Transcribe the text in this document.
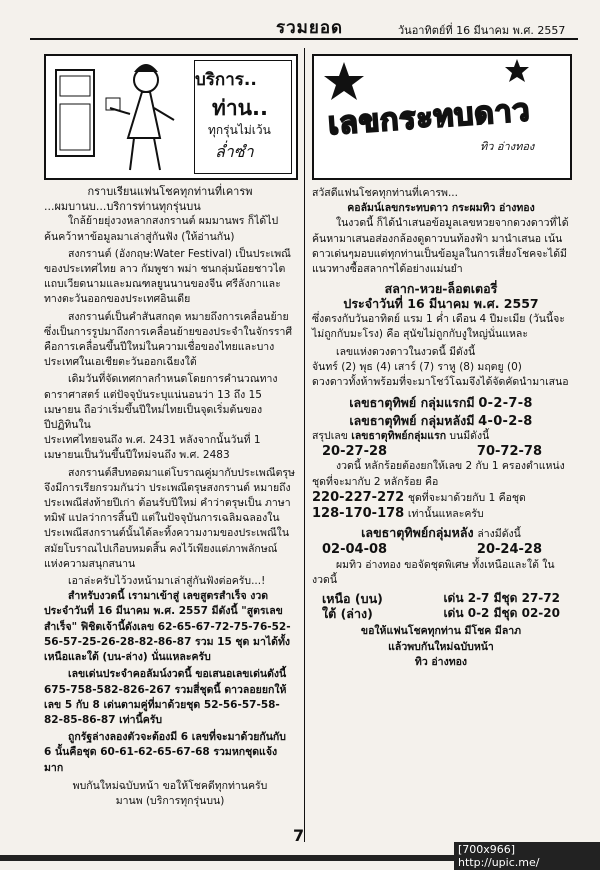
รวมยอด	วันอาทิตย์ที่ 16 มีนาคม พ.ศ. 2557
บริการ..
ท่าน..
ทุกรุ่นไม่เว้น
ล่ำซำ
เลขกระทบดาว
ทิว อ่างทอง

กราบเรียนแฟนโชคทุกท่านที่เคารพ

...ผมบานบ...บริการท่านทุกรุ่นบน

ใกล้ย้ายยุ่งวงหลากสงกรานต์ ผมมานพร ก็ได้ไปค้นคว้าหาข้อมูลมาเล่าสู่กันฟัง (ให้อ่านกัน)

สงกรานต์ (อังกฤษ:Water Festival) เป็นประเพณีของประเทศไทย ลาว กัมพูชา พม่า ชนกลุ่มน้อยชาวไตแถบเวียดนามและมณฑลยูนนานของจีน ศรีลังกาและทางตะวันออกของประเทศอินเดีย

สงกรานต์เป็นคำสันสกฤต หมายถึงการเคลื่อนย้ายซึ่งเป็นการรูปมาถึงการเคลื่อนย้ายของประจำในจักรราศีคือการเคลื่อนขึ้นปีใหม่ในความเชื่อของไทยและบางประเทศในเอเชียตะวันออกเฉียงใต้

เดิมวันที่จัดเทศกาลกำหนดโดยการคำนวณทางดาราศาสตร์ แต่ปัจจุบันระบุแน่นอนว่า 13 ถึง 15 เมษายน ถือว่าเริ่มขึ้นปีใหม่ไทยเป็นจุดเริ่มต้นของปีปฏิทินใน

ประเทศไทยจนถึง พ.ศ. 2431 หลังจากนั้นวันที่ 1 เมษายนเป็นวันขึ้นปีใหม่จนถึง พ.ศ. 2483

สงกรานต์สืบทอดมาแต่โบราณคู่มากับประเพณีตรุษ จึงมีการเรียกรวมกันว่า ประเพณีตรุษสงกรานต์ หมายถึงประเพณีส่งท้ายปีเก่า ต้อนรับปีใหม่ คำว่าตรุษเป็น ภาษาทมิฬ แปลว่าการสิ้นปี แต่ในปัจจุบันการเฉลิมฉลองในประเพณีสงกรานต์นั้นได้ละทิ้งความงามของประเพณีในสมัยโบราณไปเกือบหมดสิ้น คงไว้เพียงแต่ภาพลักษณ์แห่งความสนุกสนาน

เอาล่ะครับไว้วงหน้ามาเล่าสู่กันฟังต่อครับ...!

สำหรับงวดนี้ เรามาเข้าสู่ เลขสูตรสำเร็จ งวดประจำวันที่ 16 มีนาคม พ.ศ. 2557 มีดังนี้ "สูตรเลขสำเร็จ" ฟิชิตเจ้านี้ดังเลข 62-65-67-72-75-76-52-56-57-25-26-28-82-86-87 รวม 15 ชุด มาได้ทั้งเหนือและใต้ (บน-ล่าง) นั่นแหละครับ

เลขเด่นประจำคอลัมน์งวดนี้ ขอเสนอเลขเด่นดังนี้ 675-758-582-826-267 รวมสี่ชุดนี้ ดาวลอยยกให้เลข 5 กับ 8 เด่นตามคู่ที่มาด้วยชุด 52-56-57-58-82-85-86-87 เท่านี้ครับ

ถูกรัฐล่างลองตัวจะต้องมี 6 เลขที่จะมาด้วยกันกับ 6 นั้นคือชุด 60-61-62-65-67-68 รวมหกชุดแจ้งมาก

พบกันใหม่ฉบับหน้า ขอให้โชคดีทุกท่านครับ

มานพ (บริการทุกรุ่นบน)

สวัสดีแฟนโชคทุกท่านที่เคารพ...

คอลัมน์เลขกระทบดาว กระผมทิว อ่างทอง

ในงวดนี้ ก็ได้นำเสนอข้อมูลเลขหวยจากดวงดาวที่ได้ค้นหามาเสนอส่องกล้องดูดาวบนท้องฟ้า มานำเสนอ เน้นดาวเด่นๆมอบแต่ทุกท่านเป็นข้อมูลในการเสี่ยงโชคจะได้มีแนวทางซื้อสลากฯได้อย่างแม่นยำ

สลาก-หวย-ล็อตเตอรี่

ประจำวันที่ 16 มีนาคม พ.ศ. 2557

ซึ่งตรงกับวันอาทิตย์ แรม 1 ค่ำ เดือน 4 ปีมะเมีย (วันนี้จะไม่ถูกกับมะโรง) คือ สุนัขไม่ถูกกับงูใหญ่นั่นแหละ

เลขแห่งดวงดาวในงวดนี้ มีดังนี้

จันทร์ (2) พุธ (4) เสาร์ (7) ราหู (8) มฤตยู (0)

ดวงดาวทั้งห้าพร้อมที่จะมาโชว์โฉมจึงได้จัดคัดนำมาเสนอ

เลขธาตุทิพย์ กลุ่มแรกมี 0-2-7-8
เลขธาตุทิพย์ กลุ่มหลังมี 4-0-2-8
สรุปเลข เลขธาตุทิพย์กลุ่มแรก บนมีดังนี้
20-27-28	70-72-78

งวดนี้ หลักร้อยต้องยกให้เลข 2 กับ 1 ครองตำแหน่งชุดที่จะมากับ 2 หลักร้อย คือ

220-227-272 ชุดที่จะมาด้วยกับ 1 คือชุด
128-170-178 เท่านั้นแหละครับ
เลขธาตุทิพย์กลุ่มหลัง ล่างมีดังนี้
02-04-08	20-24-28

ผมทิว อ่างทอง ขอจัดชุดพิเศษ ทั้งเหนือและใต้ ในงวดนี้

เหนือ (บน)	เด่น 2-7 มีชุด 27-72
ใต้ (ล่าง)	เด่น 0-2 มีชุด 02-20

ขอให้แฟนโชคทุกท่าน มีโชค มีลาภ

แล้วพบกันใหม่ฉบับหน้า

ทิว อ่างทอง

7
[700x966] http://upic.me/
